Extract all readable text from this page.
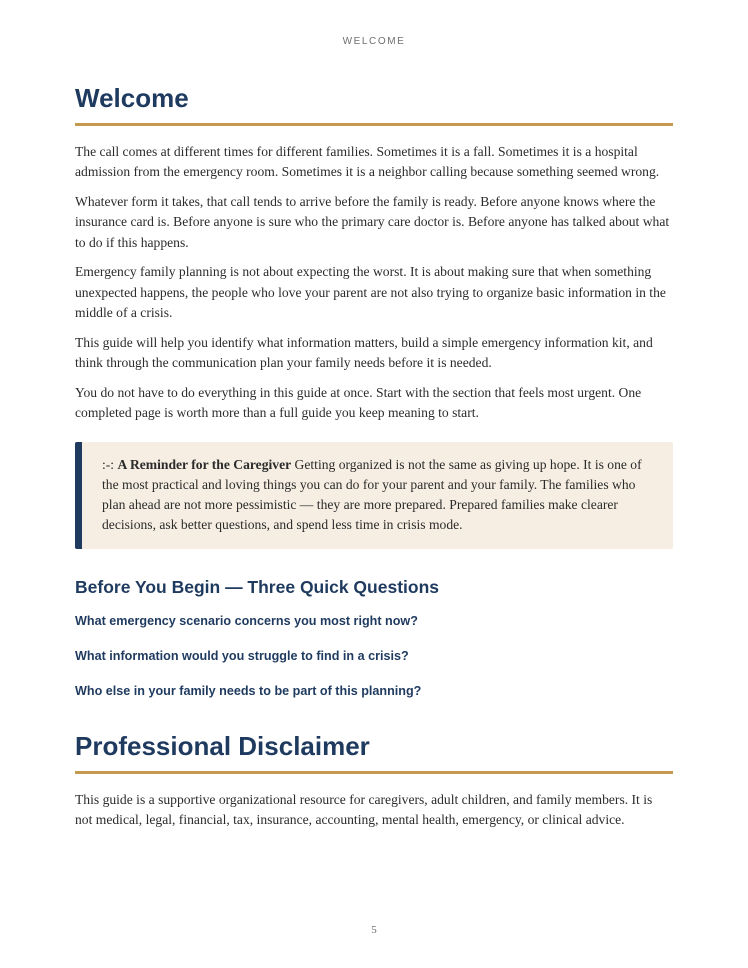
WELCOME
Welcome

The call comes at different times for different families. Sometimes it is a fall. Sometimes it is a hospital admission from the emergency room. Sometimes it is a neighbor calling because something seemed wrong.

Whatever form it takes, that call tends to arrive before the family is ready. Before anyone knows where the insurance card is. Before anyone is sure who the primary care doctor is. Before anyone has talked about what to do if this happens.

Emergency family planning is not about expecting the worst. It is about making sure that when something unexpected happens, the people who love your parent are not also trying to organize basic information in the middle of a crisis.

This guide will help you identify what information matters, build a simple emergency information kit, and think through the communication plan your family needs before it is needed.

You do not have to do everything in this guide at once. Start with the section that feels most urgent. One completed page is worth more than a full guide you keep meaning to start.

:-: A Reminder for the Caregiver Getting organized is not the same as giving up hope. It is one of the most practical and loving things you can do for your parent and your family. The families who plan ahead are not more pessimistic — they are more prepared. Prepared families make clearer decisions, ask better questions, and spend less time in crisis mode.
Before You Begin — Three Quick Questions
What emergency scenario concerns you most right now?
What information would you struggle to find in a crisis?
Who else in your family needs to be part of this planning?
Professional Disclaimer

This guide is a supportive organizational resource for caregivers, adult children, and family members. It is not medical, legal, financial, tax, insurance, accounting, mental health, emergency, or clinical advice.

5
